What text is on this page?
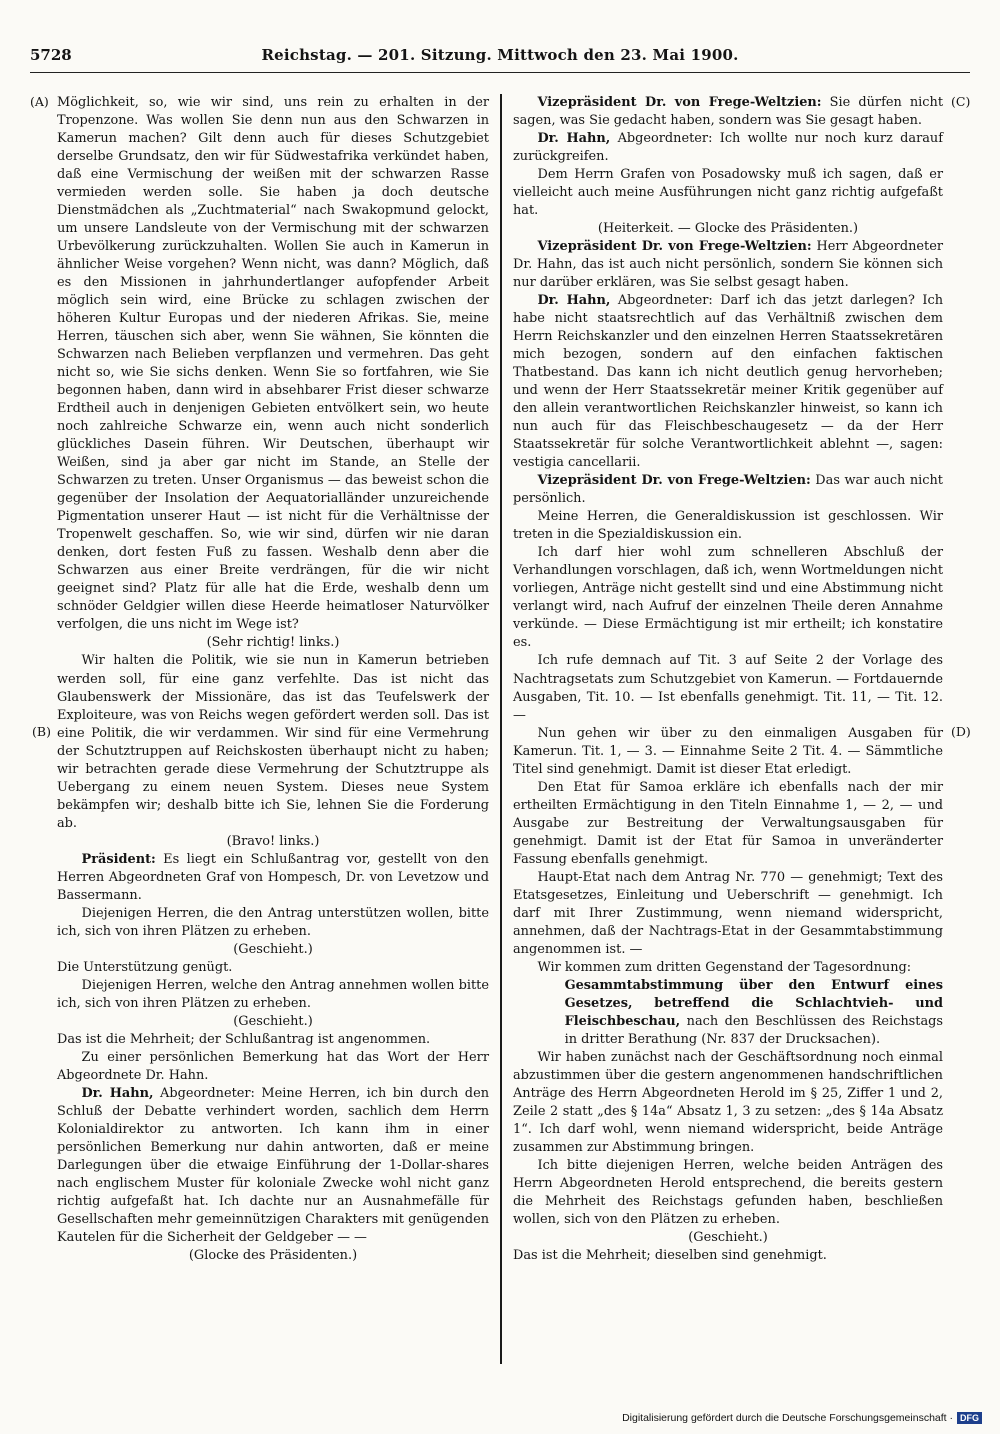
5728	Reichstag. — 201. Sitzung. Mittwoch den 23. Mai 1900.
(A)
(B)
(C)
(D)

Möglichkeit, so, wie wir sind, uns rein zu erhalten in der Tropenzone. Was wollen Sie denn nun aus den Schwarzen in Kamerun machen? Gilt denn auch für dieses Schutzgebiet derselbe Grundsatz, den wir für Südwestafrika verkündet haben, daß eine Vermischung der weißen mit der schwarzen Rasse vermieden werden solle. Sie haben ja doch deutsche Dienstmädchen als „Zuchtmaterial“ nach Swakopmund gelockt, um unsere Landsleute von der Vermischung mit der schwarzen Urbevölkerung zurückzuhalten. Wollen Sie auch in Kamerun in ähnlicher Weise vorgehen? Wenn nicht, was dann? Möglich, daß es den Missionen in jahrhundertlanger aufopfender Arbeit möglich sein wird, eine Brücke zu schlagen zwischen der höheren Kultur Europas und der niederen Afrikas. Sie, meine Herren, täuschen sich aber, wenn Sie wähnen, Sie könnten die Schwarzen nach Belieben verpflanzen und vermehren. Das geht nicht so, wie Sie sichs denken. Wenn Sie so fortfahren, wie Sie begonnen haben, dann wird in absehbarer Frist dieser schwarze Erdtheil auch in denjenigen Gebieten entvölkert sein, wo heute noch zahlreiche Schwarze ein, wenn auch nicht sonderlich glückliches Dasein führen. Wir Deutschen, überhaupt wir Weißen, sind ja aber gar nicht im Stande, an Stelle der Schwarzen zu treten. Unser Organismus — das beweist schon die gegenüber der Insolation der Aequatorialländer unzureichende Pigmentation unserer Haut — ist nicht für die Verhältnisse der Tropenwelt geschaffen. So, wie wir sind, dürfen wir nie daran denken, dort festen Fuß zu fassen. Weshalb denn aber die Schwarzen aus einer Breite verdrängen, für die wir nicht geeignet sind? Platz für alle hat die Erde, weshalb denn um schnöder Geldgier willen diese Heerde heimatloser Naturvölker verfolgen, die uns nicht im Wege ist?

(Sehr richtig! links.)

Wir halten die Politik, wie sie nun in Kamerun betrieben werden soll, für eine ganz verfehlte. Das ist nicht das Glaubenswerk der Missionäre, das ist das Teufelswerk der Exploiteure, was von Reichs wegen gefördert werden soll. Das ist eine Politik, die wir verdammen. Wir sind für eine Vermehrung der Schutztruppen auf Reichskosten überhaupt nicht zu haben; wir betrachten gerade diese Vermehrung der Schutztruppe als Uebergang zu einem neuen System. Dieses neue System bekämpfen wir; deshalb bitte ich Sie, lehnen Sie die Forderung ab.

(Bravo! links.)

Präsident: Es liegt ein Schlußantrag vor, gestellt von den Herren Abgeordneten Graf von Hompesch, Dr. von Levetzow und Bassermann.

Diejenigen Herren, die den Antrag unterstützen wollen, bitte ich, sich von ihren Plätzen zu erheben.

(Geschieht.)

Die Unterstützung genügt.

Diejenigen Herren, welche den Antrag annehmen wollen bitte ich, sich von ihren Plätzen zu erheben.

(Geschieht.)

Das ist die Mehrheit; der Schlußantrag ist angenommen.

Zu einer persönlichen Bemerkung hat das Wort der Herr Abgeordnete Dr. Hahn.

Dr. Hahn, Abgeordneter: Meine Herren, ich bin durch den Schluß der Debatte verhindert worden, sachlich dem Herrn Kolonialdirektor zu antworten. Ich kann ihm in einer persönlichen Bemerkung nur dahin antworten, daß er meine Darlegungen über die etwaige Einführung der 1-Dollar-shares nach englischem Muster für koloniale Zwecke wohl nicht ganz richtig aufgefaßt hat. Ich dachte nur an Ausnahmefälle für Gesellschaften mehr gemeinnützigen Charakters mit genügenden Kautelen für die Sicherheit der Geldgeber — —

(Glocke des Präsidenten.)

Vizepräsident Dr. von Frege-Weltzien: Sie dürfen nicht sagen, was Sie gedacht haben, sondern was Sie gesagt haben.

Dr. Hahn, Abgeordneter: Ich wollte nur noch kurz darauf zurückgreifen.

Dem Herrn Grafen von Posadowsky muß ich sagen, daß er vielleicht auch meine Ausführungen nicht ganz richtig aufgefaßt hat.

(Heiterkeit. — Glocke des Präsidenten.)

Vizepräsident Dr. von Frege-Weltzien: Herr Abgeordneter Dr. Hahn, das ist auch nicht persönlich, sondern Sie können sich nur darüber erklären, was Sie selbst gesagt haben.

Dr. Hahn, Abgeordneter: Darf ich das jetzt darlegen? Ich habe nicht staatsrechtlich auf das Verhältniß zwischen dem Herrn Reichskanzler und den einzelnen Herren Staatssekretären mich bezogen, sondern auf den einfachen faktischen Thatbestand. Das kann ich nicht deutlich genug hervorheben; und wenn der Herr Staatssekretär meiner Kritik gegenüber auf den allein verantwortlichen Reichskanzler hinweist, so kann ich nun auch für das Fleischbeschaugesetz — da der Herr Staatssekretär für solche Verantwortlichkeit ablehnt —, sagen: vestigia cancellarii.

Vizepräsident Dr. von Frege-Weltzien: Das war auch nicht persönlich.

Meine Herren, die Generaldiskussion ist geschlossen. Wir treten in die Spezialdiskussion ein.

Ich darf hier wohl zum schnelleren Abschluß der Verhandlungen vorschlagen, daß ich, wenn Wortmeldungen nicht vorliegen, Anträge nicht gestellt sind und eine Abstimmung nicht verlangt wird, nach Aufruf der einzelnen Theile deren Annahme verkünde. — Diese Ermächtigung ist mir ertheilt; ich konstatire es.

Ich rufe demnach auf Tit. 3 auf Seite 2 der Vorlage des Nachtragsetats zum Schutzgebiet von Kamerun. — Fortdauernde Ausgaben, Tit. 10. — Ist ebenfalls genehmigt. Tit. 11, — Tit. 12. —

Nun gehen wir über zu den einmaligen Ausgaben für Kamerun. Tit. 1, — 3. — Einnahme Seite 2 Tit. 4. — Sämmtliche Titel sind genehmigt. Damit ist dieser Etat erledigt.

Den Etat für Samoa erkläre ich ebenfalls nach der mir ertheilten Ermächtigung in den Titeln Einnahme 1, — 2, — und Ausgabe zur Bestreitung der Verwaltungsausgaben für genehmigt. Damit ist der Etat für Samoa in unveränderter Fassung ebenfalls genehmigt.

Haupt-Etat nach dem Antrag Nr. 770 — genehmigt; Text des Etatsgesetzes, Einleitung und Ueberschrift — genehmigt. Ich darf mit Ihrer Zustimmung, wenn niemand widerspricht, annehmen, daß der Nachtrags-Etat in der Gesammtabstimmung angenommen ist. —

Wir kommen zum dritten Gegenstand der Tagesordnung:

Gesammtabstimmung über den Entwurf eines Gesetzes, betreffend die Schlachtvieh- und Fleischbeschau, nach den Beschlüssen des Reichstags in dritter Berathung (Nr. 837 der Drucksachen).

Wir haben zunächst nach der Geschäftsordnung noch einmal abzustimmen über die gestern angenommenen handschriftlichen Anträge des Herrn Abgeordneten Herold im § 25, Ziffer 1 und 2, Zeile 2 statt „des § 14a“ Absatz 1, 3 zu setzen: „des § 14a Absatz 1“. Ich darf wohl, wenn niemand widerspricht, beide Anträge zusammen zur Abstimmung bringen.

Ich bitte diejenigen Herren, welche beiden Anträgen des Herrn Abgeordneten Herold entsprechend, die bereits gestern die Mehrheit des Reichstags gefunden haben, beschließen wollen, sich von den Plätzen zu erheben.

(Geschieht.)

Das ist die Mehrheit; dieselben sind genehmigt.

Digitalisierung gefördert durch die Deutsche Forschungsgemeinschaft · DFG
